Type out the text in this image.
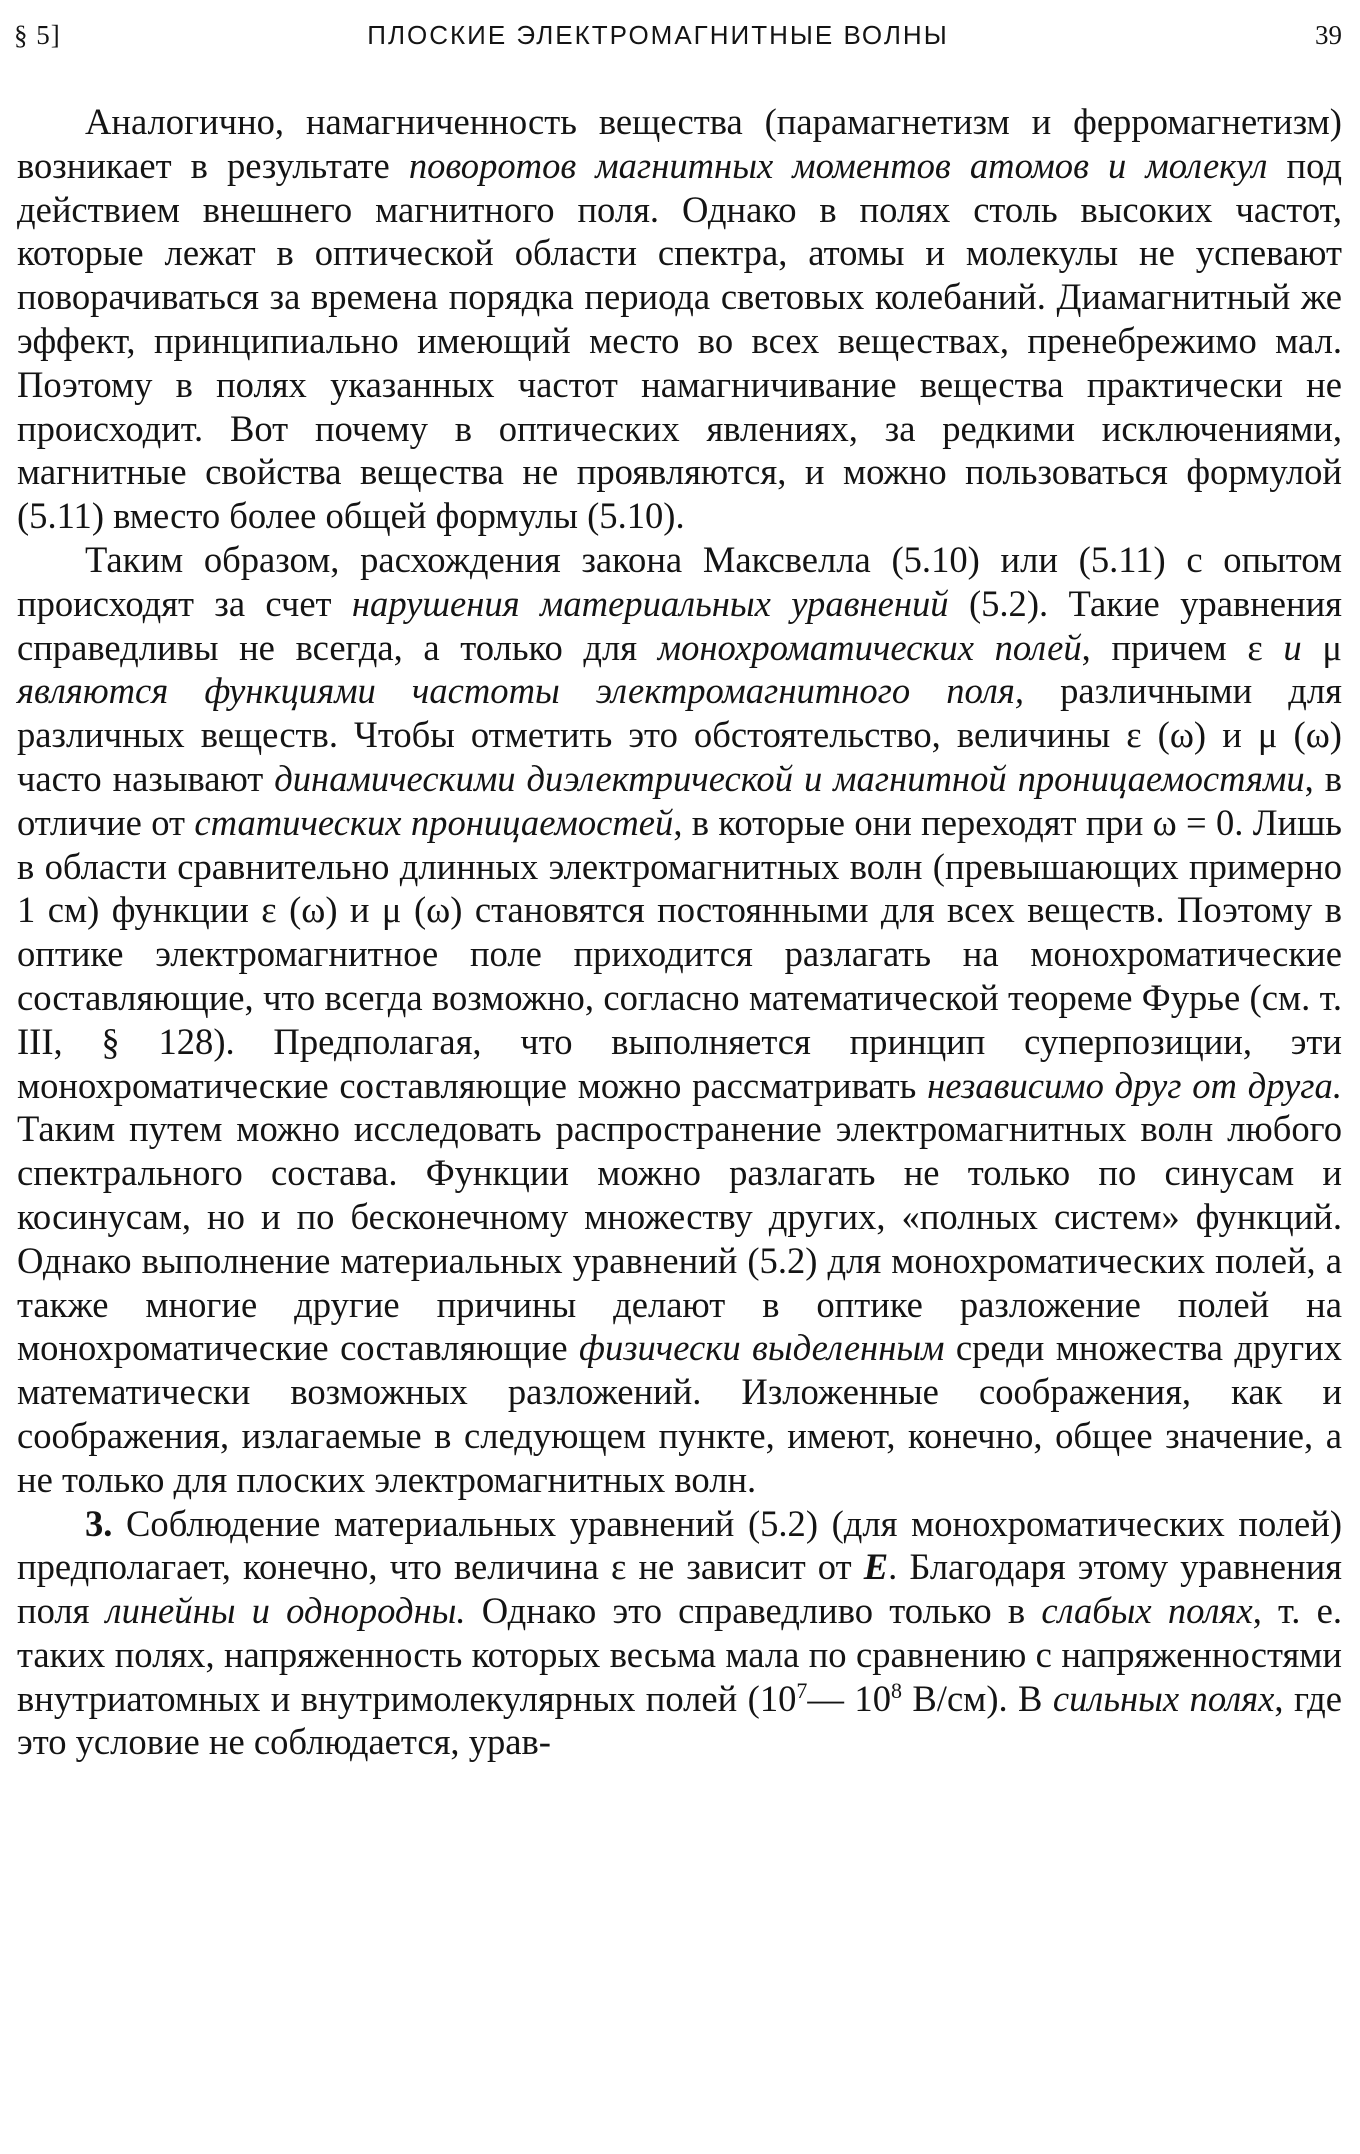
§ 5]	ПЛОСКИЕ ЭЛЕКТРОМАГНИТНЫЕ ВОЛНЫ	39

Аналогично, намагниченность вещества (парамагнетизм и ферромагнетизм) возникает в результате поворотов магнитных моментов атомов и молекул под действием внешнего магнитного поля. Однако в полях столь высоких частот, которые лежат в оптической области спектра, атомы и молекулы не успевают поворачиваться за времена порядка периода световых колебаний. Диамагнитный же эффект, принципиально имеющий место во всех веществах, пренебрежимо мал. Поэтому в полях указанных частот намагничивание вещества практически не происходит. Вот почему в оптических явлениях, за редкими исключениями, магнитные свойства вещества не проявляются, и можно пользоваться формулой (5.11) вместо более общей формулы (5.10).

Таким образом, расхождения закона Максвелла (5.10) или (5.11) с опытом происходят за счет нарушения материальных уравнений (5.2). Такие уравнения справедливы не всегда, а только для монохроматических полей, причем ε и μ являются функциями частоты электромагнитного поля, различными для различных веществ. Чтобы отметить это обстоятельство, величины ε (ω) и μ (ω) часто называют динамическими диэлектрической и магнитной проницаемостями, в отличие от статических проницаемостей, в которые они переходят при ω = 0. Лишь в области сравнительно длинных электромагнитных волн (превышающих примерно 1 см) функции ε (ω) и μ (ω) становятся постоянными для всех веществ. Поэтому в оптике электромагнитное поле приходится разлагать на монохроматические составляющие, что всегда возможно, согласно математической теореме Фурье (см. т. III, § 128). Предполагая, что выполняется принцип суперпозиции, эти монохроматические составляющие можно рассматривать независимо друг от друга. Таким путем можно исследовать распространение электромагнитных волн любого спектрального состава. Функции можно разлагать не только по синусам и косинусам, но и по бесконечному множеству других, «полных систем» функций. Однако выполнение материальных уравнений (5.2) для монохроматических полей, а также многие другие причины делают в оптике разложение полей на монохроматические составляющие физически выделенным среди множества других математически возможных разложений. Изложенные соображения, как и соображения, излагаемые в следующем пункте, имеют, конечно, общее значение, а не только для плоских электромагнитных волн.

3. Соблюдение материальных уравнений (5.2) (для монохроматических полей) предполагает, конечно, что величина ε не зависит от E. Благодаря этому уравнения поля линейны и однородны. Однако это справедливо только в слабых полях, т. е. таких полях, напряженность которых весьма мала по сравнению с напряженностями внутриатомных и внутримолекулярных полей ($10^7—$ $10^8$ В/см). В сильных полях, где это условие не соблюдается, урав-
